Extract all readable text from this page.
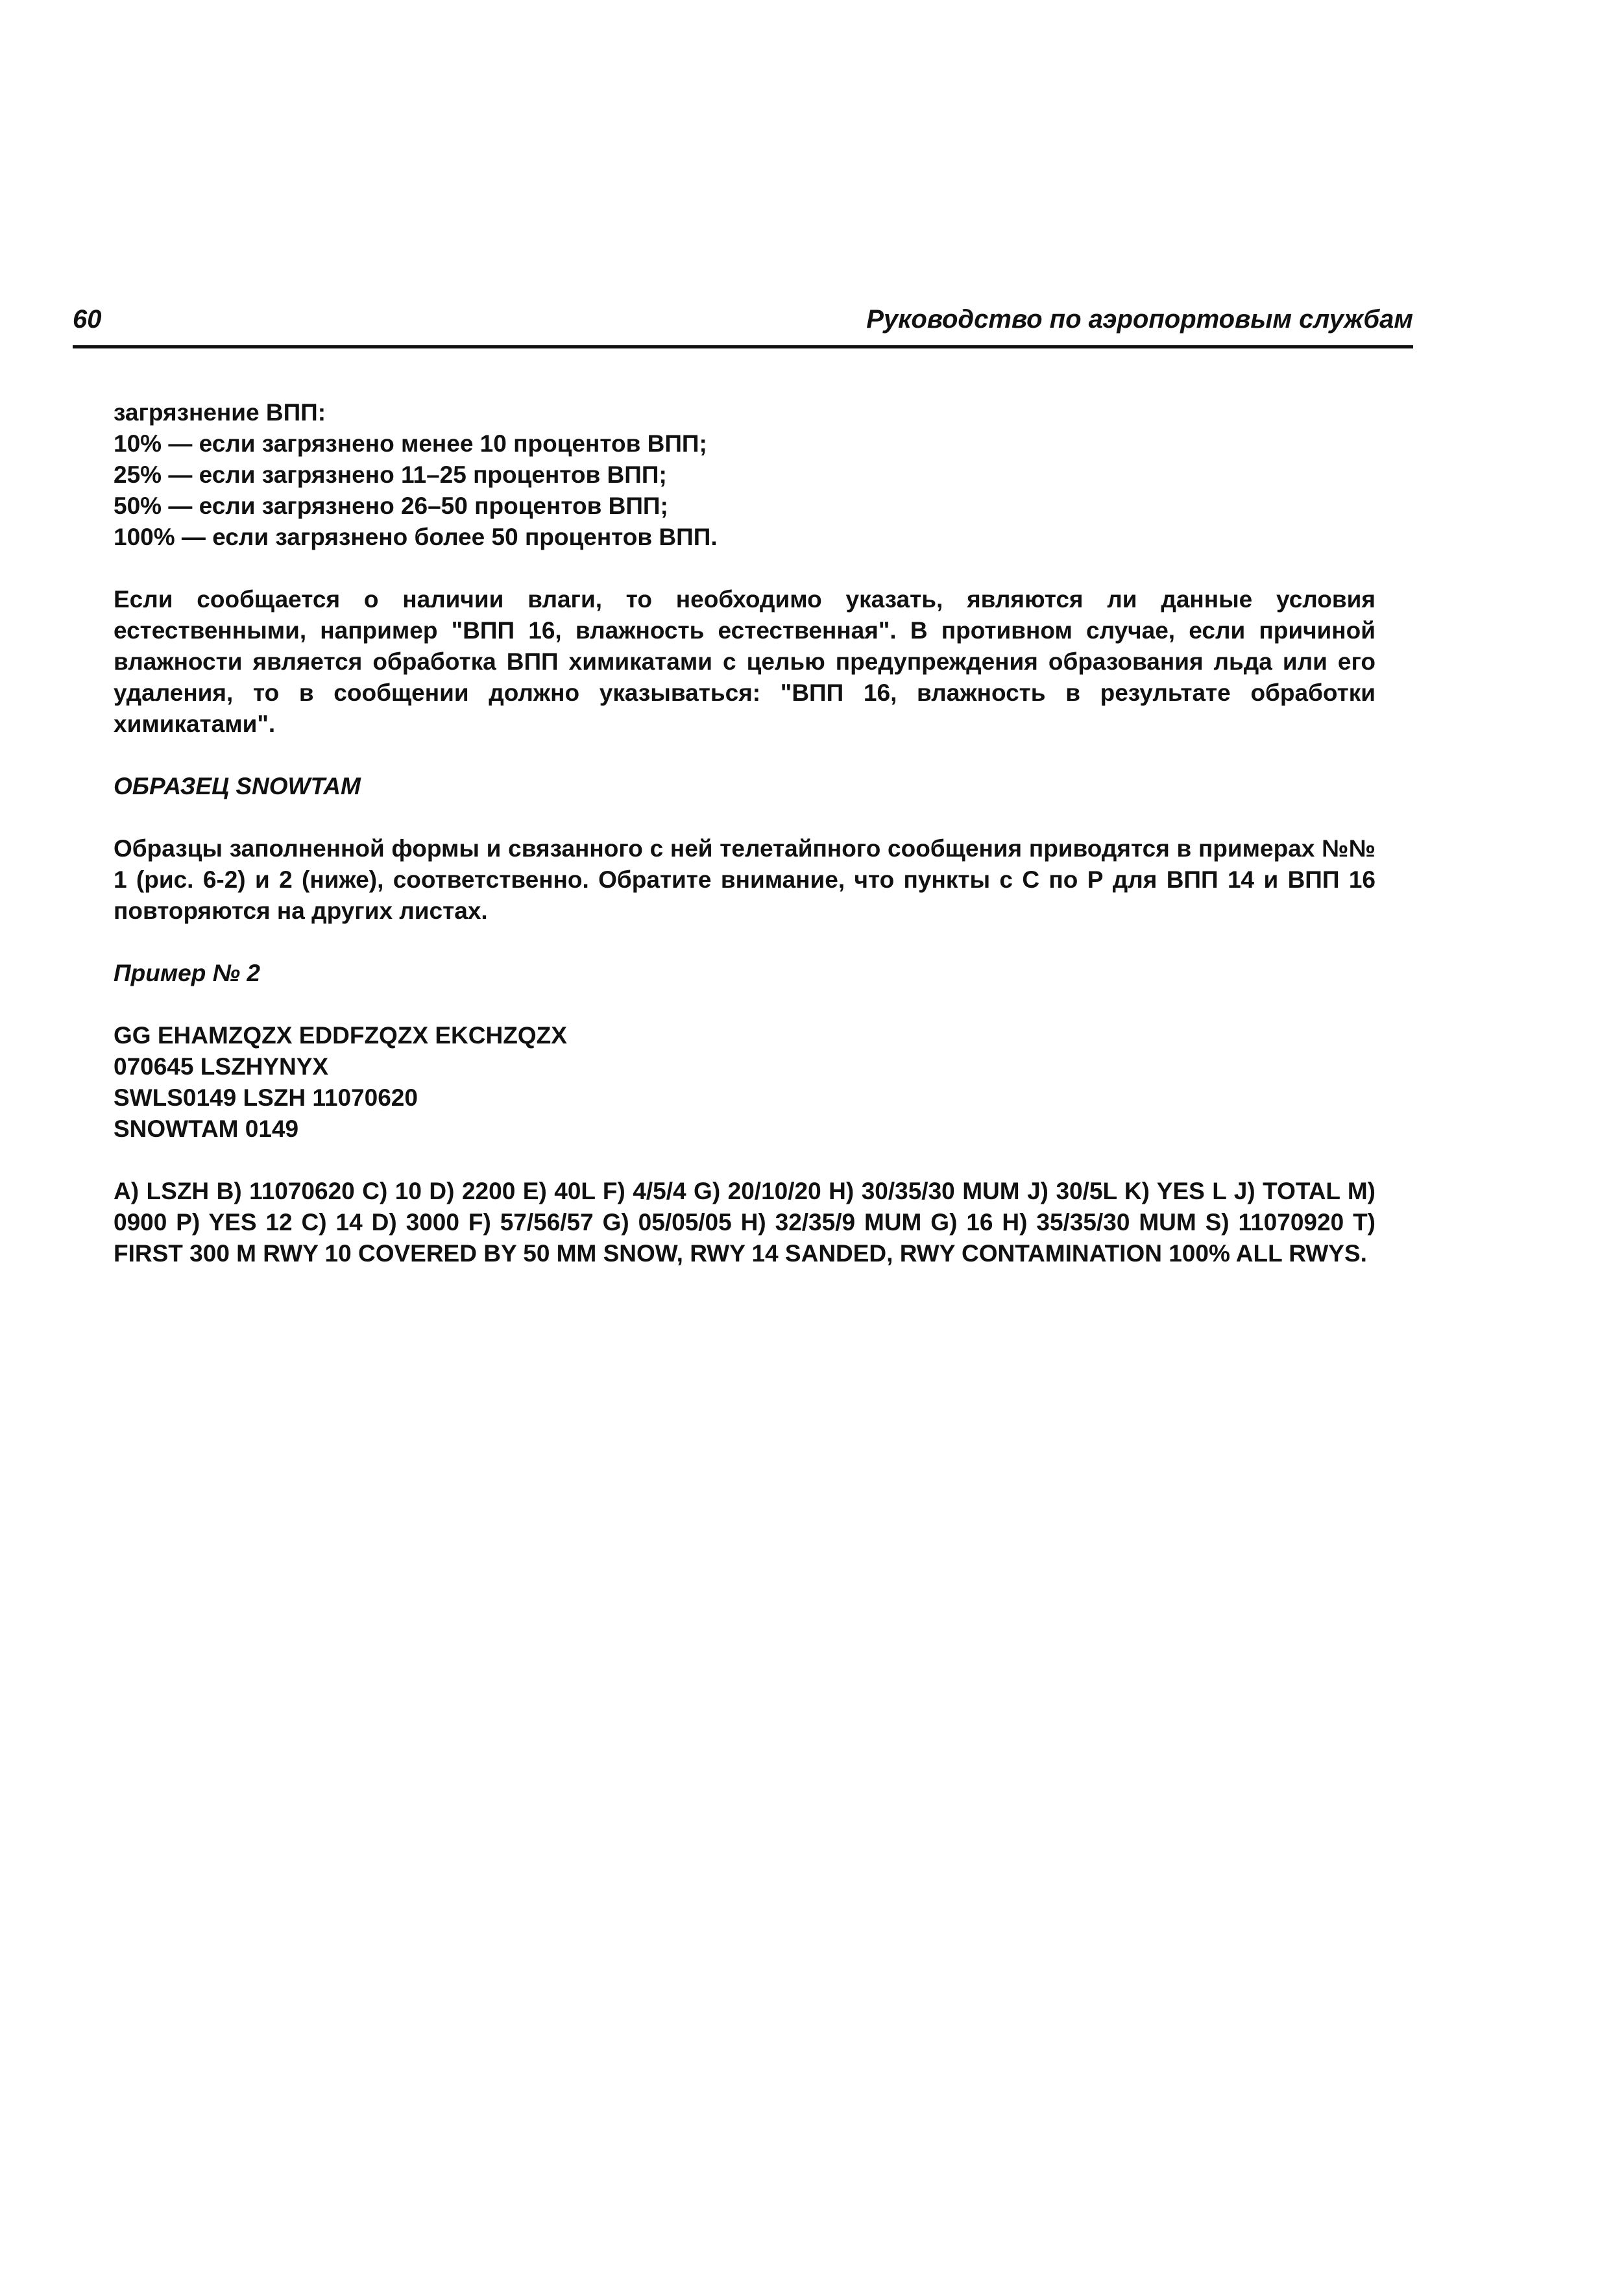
60	Руководство по аэропортовым службам
загрязнение ВПП:
10% — если загрязнено менее 10 процентов ВПП;
25% — если загрязнено 11–25 процентов ВПП;
50% — если загрязнено 26–50 процентов ВПП;
100% — если загрязнено более 50 процентов ВПП.

Если сообщается о наличии влаги, то необходимо указать, являются ли данные условия естественными, например "ВПП 16, влажность естественная". В противном случае, если причиной влажности является обработка ВПП химикатами с целью предупреждения образования льда или его удаления, то в сообщении должно указываться: "ВПП 16, влажность в результате обработки химикатами".

ОБРАЗЕЦ SNOWTAM

Образцы заполненной формы и связанного с ней телетайпного сообщения приводятся в примерах №№ 1 (рис. 6-2) и 2 (ниже), соответственно. Обратите внимание, что пункты с С по Р для ВПП 14 и ВПП 16 повторяются на других листах.

Пример № 2
GG EHAMZQZX EDDFZQZX EKCHZQZX
070645 LSZHYNYX
SWLS0149 LSZH 11070620
SNOWTAM 0149

A) LSZH B) 11070620 C) 10 D) 2200 E) 40L F) 4/5/4 G) 20/10/20 H) 30/35/30 MUM J) 30/5L K) YES L J) TOTAL M) 0900 P) YES 12 C) 14 D) 3000 F) 57/56/57 G) 05/05/05 H) 32/35/9 MUM G) 16 H) 35/35/30 MUM S) 11070920 T) FIRST 300 M RWY 10 COVERED BY 50 MM SNOW, RWY 14 SANDED, RWY CONTAMINATION 100% ALL RWYS.
